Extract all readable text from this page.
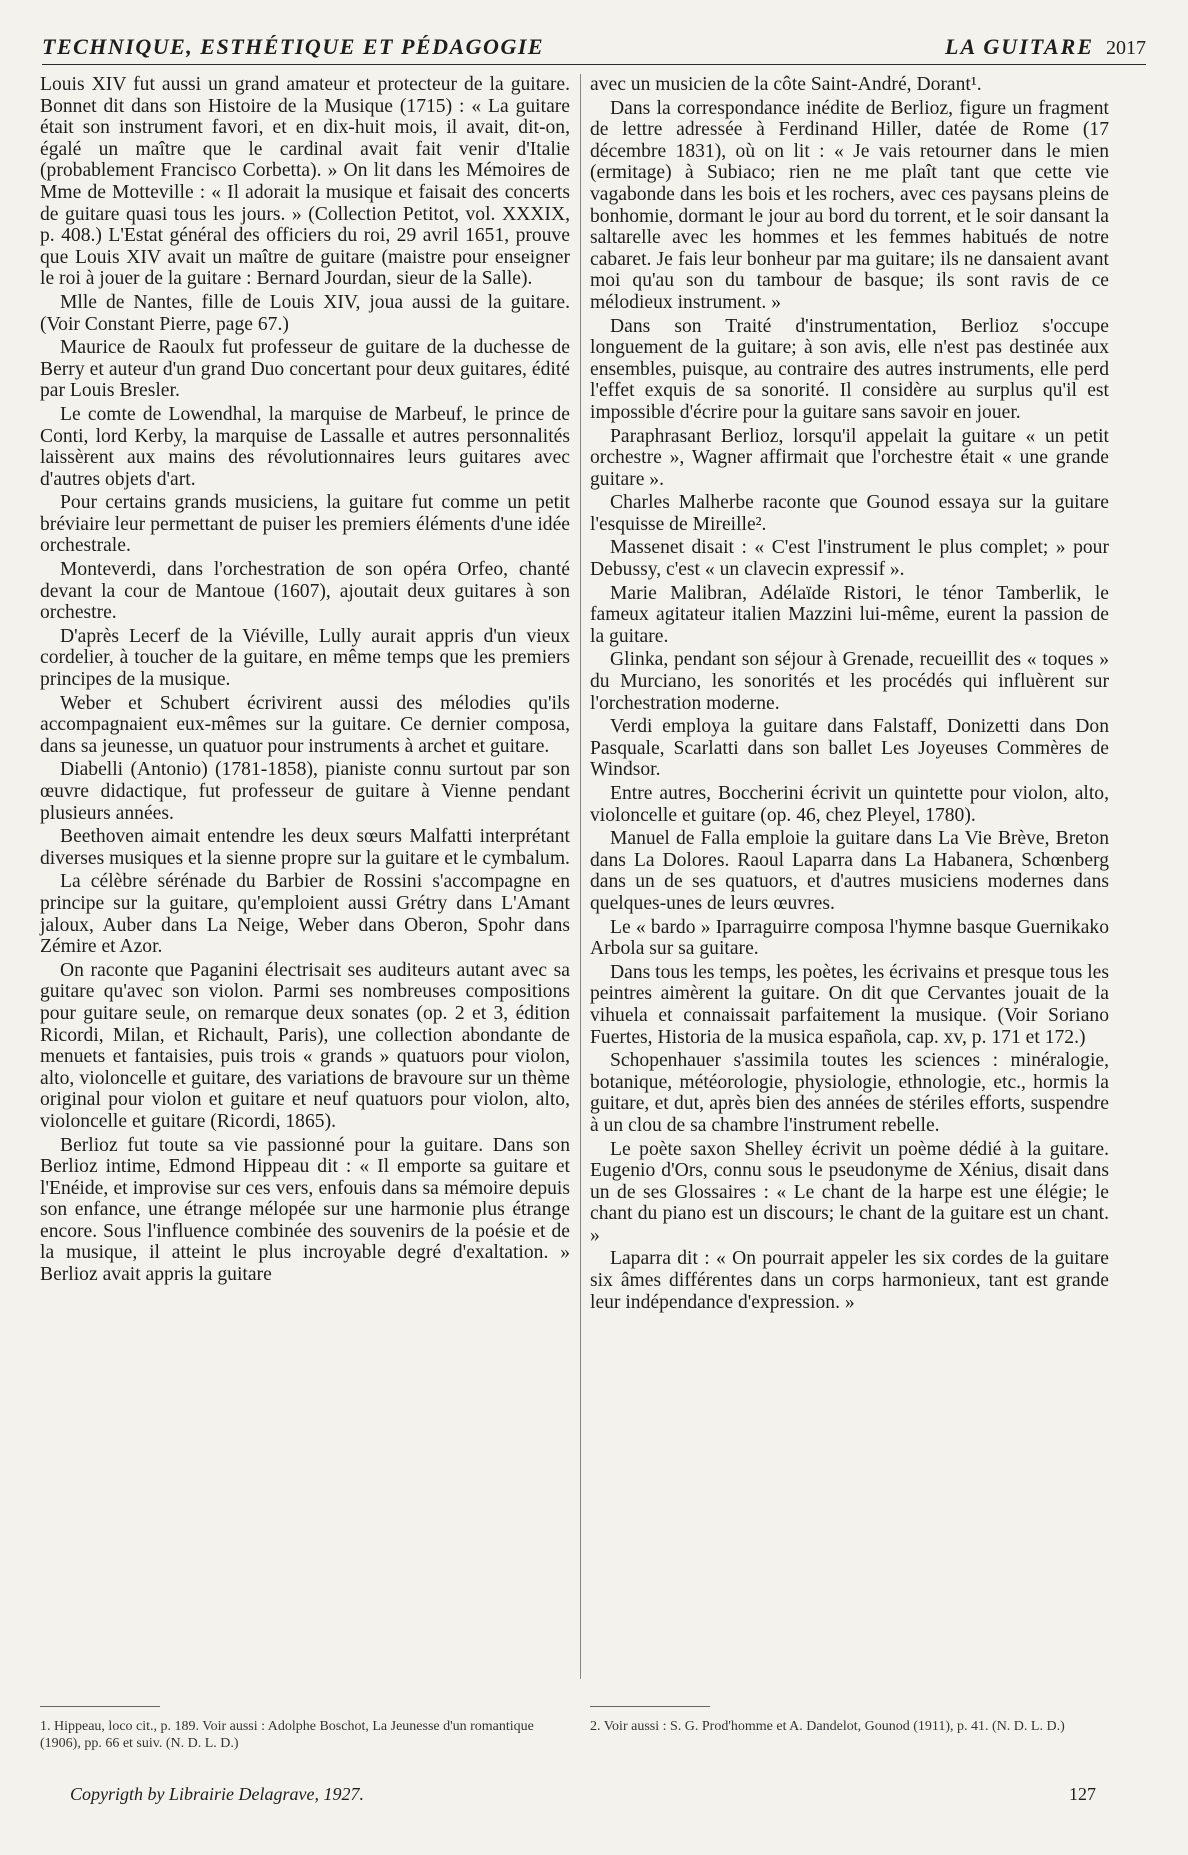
TECHNIQUE, ESTHÉTIQUE ET PÉDAGOGIE	LA GUITARE 2017

Louis XIV fut aussi un grand amateur et protecteur de la guitare. Bonnet dit dans son Histoire de la Musique (1715) : « La guitare était son instrument favori, et en dix-huit mois, il avait, dit-on, égalé un maître que le cardinal avait fait venir d'Italie (probablement Francisco Corbetta). » On lit dans les Mémoires de Mme de Motteville : « Il adorait la musique et faisait des concerts de guitare quasi tous les jours. » (Collection Petitot, vol. XXXIX, p. 408.) L'Estat général des officiers du roi, 29 avril 1651, prouve que Louis XIV avait un maître de guitare (maistre pour enseigner le roi à jouer de la guitare : Bernard Jourdan, sieur de la Salle).

Mlle de Nantes, fille de Louis XIV, joua aussi de la guitare. (Voir Constant Pierre, page 67.)

Maurice de Raoulx fut professeur de guitare de la duchesse de Berry et auteur d'un grand Duo concertant pour deux guitares, édité par Louis Bresler.

Le comte de Lowendhal, la marquise de Marbeuf, le prince de Conti, lord Kerby, la marquise de Lassalle et autres personnalités laissèrent aux mains des révolutionnaires leurs guitares avec d'autres objets d'art.

Pour certains grands musiciens, la guitare fut comme un petit bréviaire leur permettant de puiser les premiers éléments d'une idée orchestrale.

Monteverdi, dans l'orchestration de son opéra Orfeo, chanté devant la cour de Mantoue (1607), ajoutait deux guitares à son orchestre.

D'après Lecerf de la Viéville, Lully aurait appris d'un vieux cordelier, à toucher de la guitare, en même temps que les premiers principes de la musique.

Weber et Schubert écrivirent aussi des mélodies qu'ils accompagnaient eux-mêmes sur la guitare. Ce dernier composa, dans sa jeunesse, un quatuor pour instruments à archet et guitare.

Diabelli (Antonio) (1781-1858), pianiste connu surtout par son œuvre didactique, fut professeur de guitare à Vienne pendant plusieurs années.

Beethoven aimait entendre les deux sœurs Malfatti interprétant diverses musiques et la sienne propre sur la guitare et le cymbalum.

La célèbre sérénade du Barbier de Rossini s'accompagne en principe sur la guitare, qu'emploient aussi Grétry dans L'Amant jaloux, Auber dans La Neige, Weber dans Oberon, Spohr dans Zémire et Azor.

On raconte que Paganini électrisait ses auditeurs autant avec sa guitare qu'avec son violon. Parmi ses nombreuses compositions pour guitare seule, on remarque deux sonates (op. 2 et 3, édition Ricordi, Milan, et Richault, Paris), une collection abondante de menuets et fantaisies, puis trois « grands » quatuors pour violon, alto, violoncelle et guitare, des variations de bravoure sur un thème original pour violon et guitare et neuf quatuors pour violon, alto, violoncelle et guitare (Ricordi, 1865).

Berlioz fut toute sa vie passionné pour la guitare. Dans son Berlioz intime, Edmond Hippeau dit : « Il emporte sa guitare et l'Enéide, et improvise sur ces vers, enfouis dans sa mémoire depuis son enfance, une étrange mélopée sur une harmonie plus étrange encore. Sous l'influence combinée des souvenirs de la poésie et de la musique, il atteint le plus incroyable degré d'exaltation. » Berlioz avait appris la guitare

avec un musicien de la côte Saint-André, Dorant¹.

Dans la correspondance inédite de Berlioz, figure un fragment de lettre adressée à Ferdinand Hiller, datée de Rome (17 décembre 1831), où on lit : « Je vais retourner dans le mien (ermitage) à Subiaco; rien ne me plaît tant que cette vie vagabonde dans les bois et les rochers, avec ces paysans pleins de bonhomie, dormant le jour au bord du torrent, et le soir dansant la saltarelle avec les hommes et les femmes habitués de notre cabaret. Je fais leur bonheur par ma guitare; ils ne dansaient avant moi qu'au son du tambour de basque; ils sont ravis de ce mélodieux instrument. »

Dans son Traité d'instrumentation, Berlioz s'occupe longuement de la guitare; à son avis, elle n'est pas destinée aux ensembles, puisque, au contraire des autres instruments, elle perd l'effet exquis de sa sonorité. Il considère au surplus qu'il est impossible d'écrire pour la guitare sans savoir en jouer.

Paraphrasant Berlioz, lorsqu'il appelait la guitare « un petit orchestre », Wagner affirmait que l'orchestre était « une grande guitare ».

Charles Malherbe raconte que Gounod essaya sur la guitare l'esquisse de Mireille².

Massenet disait : « C'est l'instrument le plus complet; » pour Debussy, c'est « un clavecin expressif ».

Marie Malibran, Adélaïde Ristori, le ténor Tamberlik, le fameux agitateur italien Mazzini lui-même, eurent la passion de la guitare.

Glinka, pendant son séjour à Grenade, recueillit des « toques » du Murciano, les sonorités et les procédés qui influèrent sur l'orchestration moderne.

Verdi employa la guitare dans Falstaff, Donizetti dans Don Pasquale, Scarlatti dans son ballet Les Joyeuses Commères de Windsor.

Entre autres, Boccherini écrivit un quintette pour violon, alto, violoncelle et guitare (op. 46, chez Pleyel, 1780).

Manuel de Falla emploie la guitare dans La Vie Brève, Breton dans La Dolores. Raoul Laparra dans La Habanera, Schœnberg dans un de ses quatuors, et d'autres musiciens modernes dans quelques-unes de leurs œuvres.

Le « bardo » Iparraguirre composa l'hymne basque Guernikako Arbola sur sa guitare.

Dans tous les temps, les poètes, les écrivains et presque tous les peintres aimèrent la guitare. On dit que Cervantes jouait de la vihuela et connaissait parfaitement la musique. (Voir Soriano Fuertes, Historia de la musica española, cap. xv, p. 171 et 172.)

Schopenhauer s'assimila toutes les sciences : minéralogie, botanique, météorologie, physiologie, ethnologie, etc., hormis la guitare, et dut, après bien des années de stériles efforts, suspendre à un clou de sa chambre l'instrument rebelle.

Le poète saxon Shelley écrivit un poème dédié à la guitare. Eugenio d'Ors, connu sous le pseudonyme de Xénius, disait dans un de ses Glossaires : « Le chant de la harpe est une élégie; le chant du piano est un discours; le chant de la guitare est un chant. »

Laparra dit : « On pourrait appeler les six cordes de la guitare six âmes différentes dans un corps harmonieux, tant est grande leur indépendance d'expression. »

1. Hippeau, loco cit., p. 189. Voir aussi : Adolphe Boschot, La Jeunesse d'un romantique (1906), pp. 66 et suiv. (N. D. L. D.)
2. Voir aussi : S. G. Prod'homme et A. Dandelot, Gounod (1911), p. 41. (N. D. L. D.)
Copyrigth by Librairie Delagrave, 1927.	127
